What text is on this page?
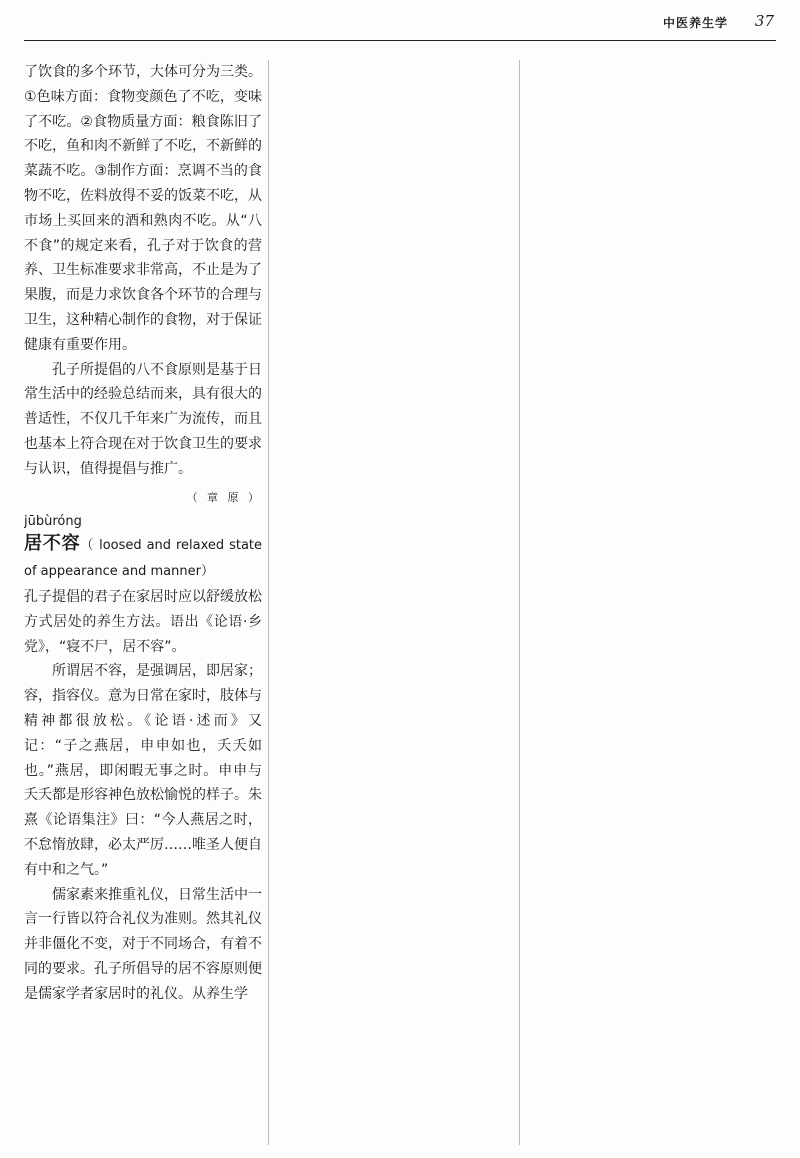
中医养生学 37

了饮食的多个环节，大体可分为三类。①色味方面：食物变颜色了不吃，变味了不吃。②食物质量方面：粮食陈旧了不吃，鱼和肉不新鲜了不吃，不新鲜的菜蔬不吃。③制作方面：烹调不当的食物不吃，佐料放得不妥的饭菜不吃，从市场上买回来的酒和熟肉不吃。从“八不食”的规定来看，孔子对于饮食的营养、卫生标准要求非常高，不止是为了果腹，而是力求饮食各个环节的合理与卫生，这种精心制作的食物，对于保证健康有重要作用。

孔子所提倡的八不食原则是基于日常生活中的经验总结而来，具有很大的普适性，不仅几千年来广为流传，而且也基本上符合现在对于饮食卫生的要求与认识，值得提倡与推广。

（ 章 原 ）
jūbùróng

居不容（ loosed and relaxed state of appearance and manner）

孔子提倡的君子在家居时应以舒缓放松方式居处的养生方法。语出《论语·乡党》，“寝不尸，居不容”。

所谓居不容，是强调居，即居家；容，指容仪。意为日常在家时，肢体与精神都很放松。《论语·述而》又记：“子之燕居，申申如也，夭夭如也。”燕居，即闲暇无事之时。申申与夭夭都是形容神色放松愉悦的样子。朱熹《论语集注》曰：“今人燕居之时，不怠惰放肆，必太严厉……唯圣人便自有中和之气。”

儒家素来推重礼仪，日常生活中一言一行皆以符合礼仪为准则。然其礼仪并非僵化不变，对于不同场合，有着不同的要求。孔子所倡导的居不容原则便是儒家学者家居时的礼仪。从养生学
